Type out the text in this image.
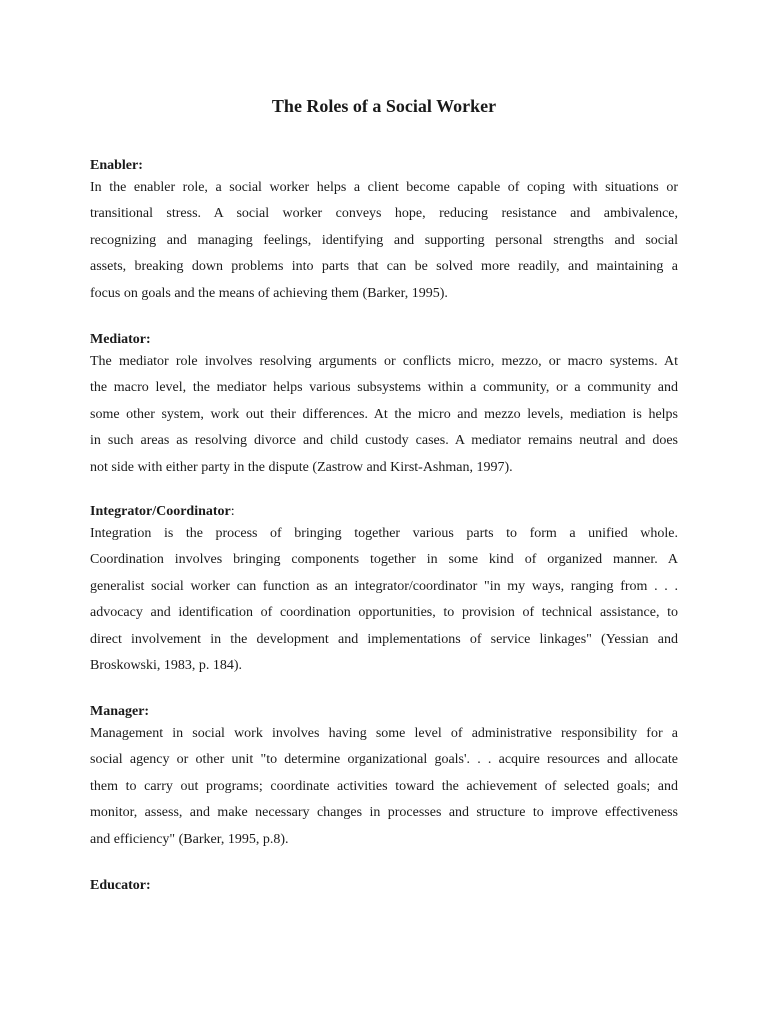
The Roles of a Social Worker

Enabler:

In the enabler role, a social worker helps a client become capable of coping with situations or
transitional stress. A social worker conveys hope, reducing resistance and ambivalence,
recognizing and managing feelings, identifying and supporting personal strengths and social
assets, breaking down problems into parts that can be solved more readily, and maintaining a
focus on goals and the means of achieving them (Barker, 1995).

Mediator:

The mediator role involves resolving arguments or conflicts micro, mezzo, or macro systems. At
the macro level, the mediator helps various subsystems within a community, or a community and
some other system, work out their differences. At the micro and mezzo levels, mediation is helps
in such areas as resolving divorce and child custody cases. A mediator remains neutral and does
not side with either party in the dispute (Zastrow and Kirst-Ashman, 1997).

Integrator/Coordinator:

Integration is the process of bringing together various parts to form a unified whole.
Coordination involves bringing components together in some kind of organized manner. A
generalist social worker can function as an integrator/coordinator "in my ways, ranging from . . .
advocacy and identification of coordination opportunities, to provision of technical assistance, to
direct involvement in the development and implementations of service linkages" (Yessian and
Broskowski, 1983, p. 184).

Manager:

Management in social work involves having some level of administrative responsibility for a
social agency or other unit "to determine organizational goals'. . . acquire resources and allocate
them to carry out programs; coordinate activities toward the achievement of selected goals; and
monitor, assess, and make necessary changes in processes and structure to improve effectiveness
and efficiency" (Barker, 1995, p.8).

Educator:
